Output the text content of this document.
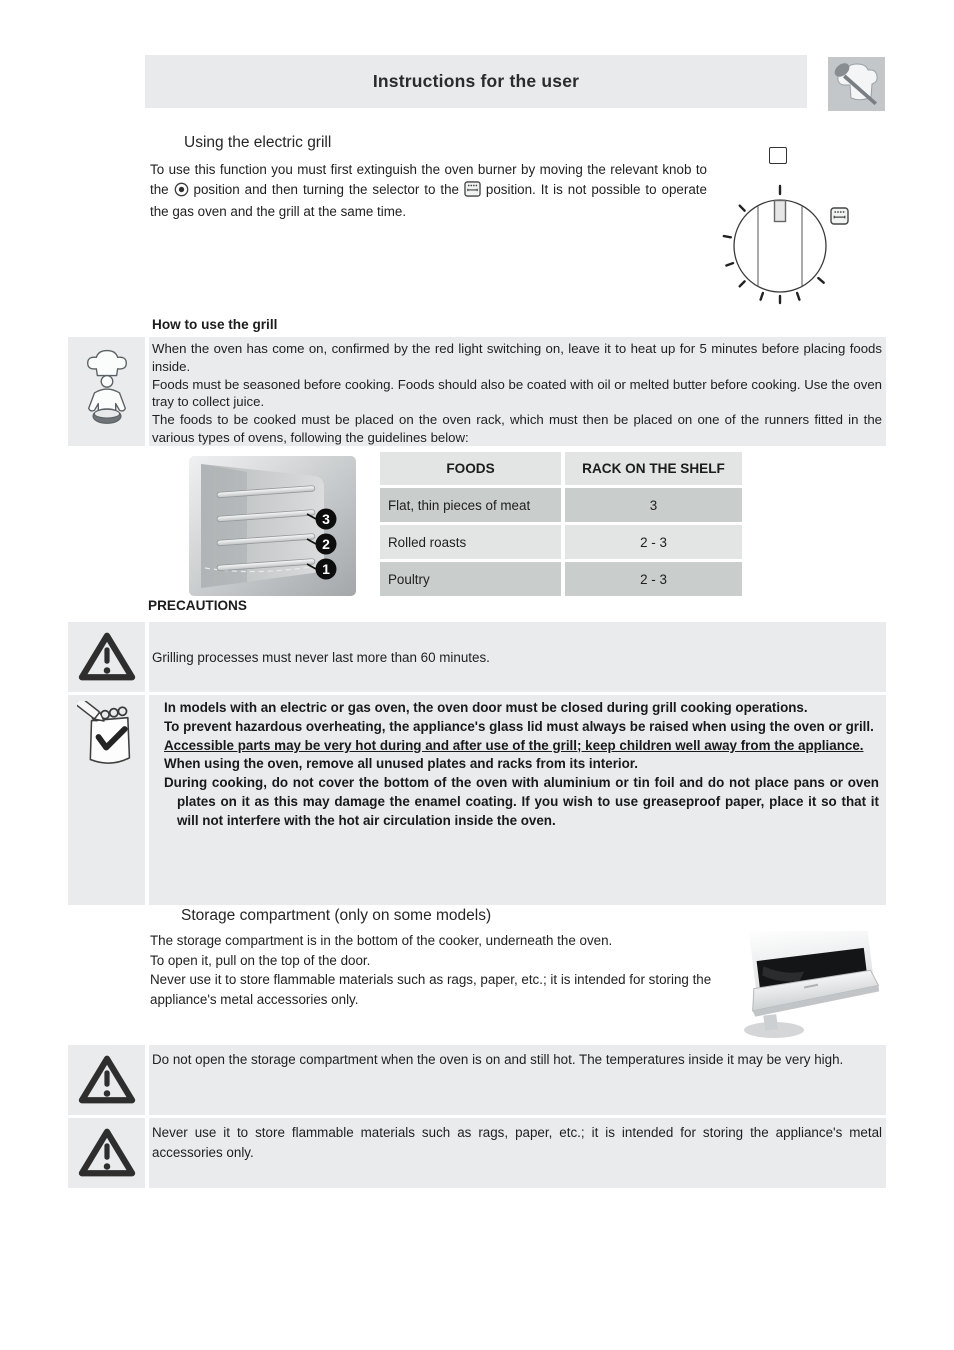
Instructions for the user
Using the electric grill

To use this function you must first extinguish the oven burner by moving the relevant knob to the position and then turning the selector to the position. It is not possible to operate the gas oven and the grill at the same time.

How to use the grill

When the oven has come on, confirmed by the red light switching on, leave it to heat up for 5 minutes before placing foods inside.

Foods must be seasoned before cooking. Foods should also be coated with oil or melted butter before cooking. Use the oven tray to collect juice.

The foods to be cooked must be placed on the oven rack, which must then be placed on one of the runners fitted in the various types of ovens, following the guidelines below:

3
2
1
FOODS	RACK ON THE SHELF
Flat, thin pieces of meat	3
Rolled roasts	2 - 3
Poultry	2 - 3
PRECAUTIONS

Grilling processes must never last more than 60 minutes.

In models with an electric or gas oven, the oven door must be closed during grill cooking operations.

To prevent hazardous overheating, the appliance's glass lid must always be raised when using the oven or grill.

Accessible parts may be very hot during and after use of the grill; keep children well away from the appliance.

When using the oven, remove all unused plates and racks from its interior.

During cooking, do not cover the bottom of the oven with aluminium or tin foil and do not place pans or oven plates on it as this may damage the enamel coating. If you wish to use greaseproof paper, place it so that it will not interfere with the hot air circulation inside the oven.

Storage compartment (only on some models)

The storage compartment is in the bottom of the cooker, underneath the oven.

To open it, pull on the top of the door.

Never use it to store flammable materials such as rags, paper, etc.; it is intended for storing the appliance's metal accessories only.

Do not open the storage compartment when the oven is on and still hot. The temperatures inside it may be very high.

Never use it to store flammable materials such as rags, paper, etc.; it is intended for storing the appliance's metal accessories only.
